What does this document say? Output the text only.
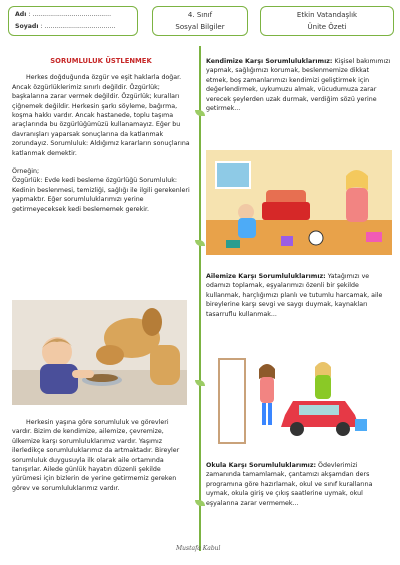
Adı : ........................................
Soyadı : ....................................
4. Sınıf
Sosyal Bilgiler
Etkin Vatandaşlık
Ünite Özeti
SORUMLULUK ÜSTLENMEK
Herkes doğduğunda özgür ve eşit haklarla doğar. Ancak özgürlüklerimiz sınırlı değildir. Özgürlük; başkalarına zarar vermek değildir. Özgürlük; kuralları çiğnemek değildir. Herkesin şarkı söyleme, bağırma, koşma hakkı vardır. Ancak hastanede, toplu taşıma araçlarında bu özgürlüğümüzü kullanamayız. Eğer bu davranışları yaparsak sonuçlarına da katlanmak zorundayız. Sorumluluk: Aldığımız kararların sonuçlarına katlanmak demektir.
Örneğin;
Özgürlük: Evde kedi besleme özgürlüğü Sorumluluk: Kedinin beslenmesi, temizliği, sağlığı ile ilgili gerekenleri yapmaktır. Eğer sorumluluklarımızı yerine getirmeyeceksek kedi beslememek gerekir.
Herkesin yaşına göre sorumluluk ve görevleri vardır. Bizim de kendimize, ailemize, çevremize, ülkemize karşı sorumluluklarımız vardır. Yaşımız ilerledikçe sorumluluklarımız da artmaktadır. Bireyler sorumluluk duygusuyla ilk olarak aile ortamında tanışırlar. Ailede günlük hayatın düzenli şekilde yürümesi için bizlerin de yerine getirmemiz gereken görev ve sorumluluklarımız vardır.
Kendimize Karşı Sorumluluklarımız: Kişisel bakımımızı yapmak, sağlığımızı korumak, beslenmemize dikkat etmek, boş zamanlarımızı kendimizi geliştirmek için değerlendirmek, uykumuzu almak, vücudumuza zarar verecek şeylerden uzak durmak, verdiğim sözü yerine getirmek...
Ailemize Karşı Sorumluluklarımız: Yatağımızı ve odamızı toplamak, eşyalarımızı özenli bir şekilde kullanmak, harçlığımızı planlı ve tutumlu harcamak, aile bireylerine karşı sevgi ve saygı duymak, kaynakları tasarruflu kullanmak...
Okula Karşı Sorumluluklarımız: Ödevlerimizi zamanında tamamlamak, çantamızı akşamdan ders programına göre hazırlamak, okul ve sınıf kurallarına uymak, okula giriş ve çıkış saatlerine uymak, okul eşyalarına zarar vermemek...
Mustafa Kabul
